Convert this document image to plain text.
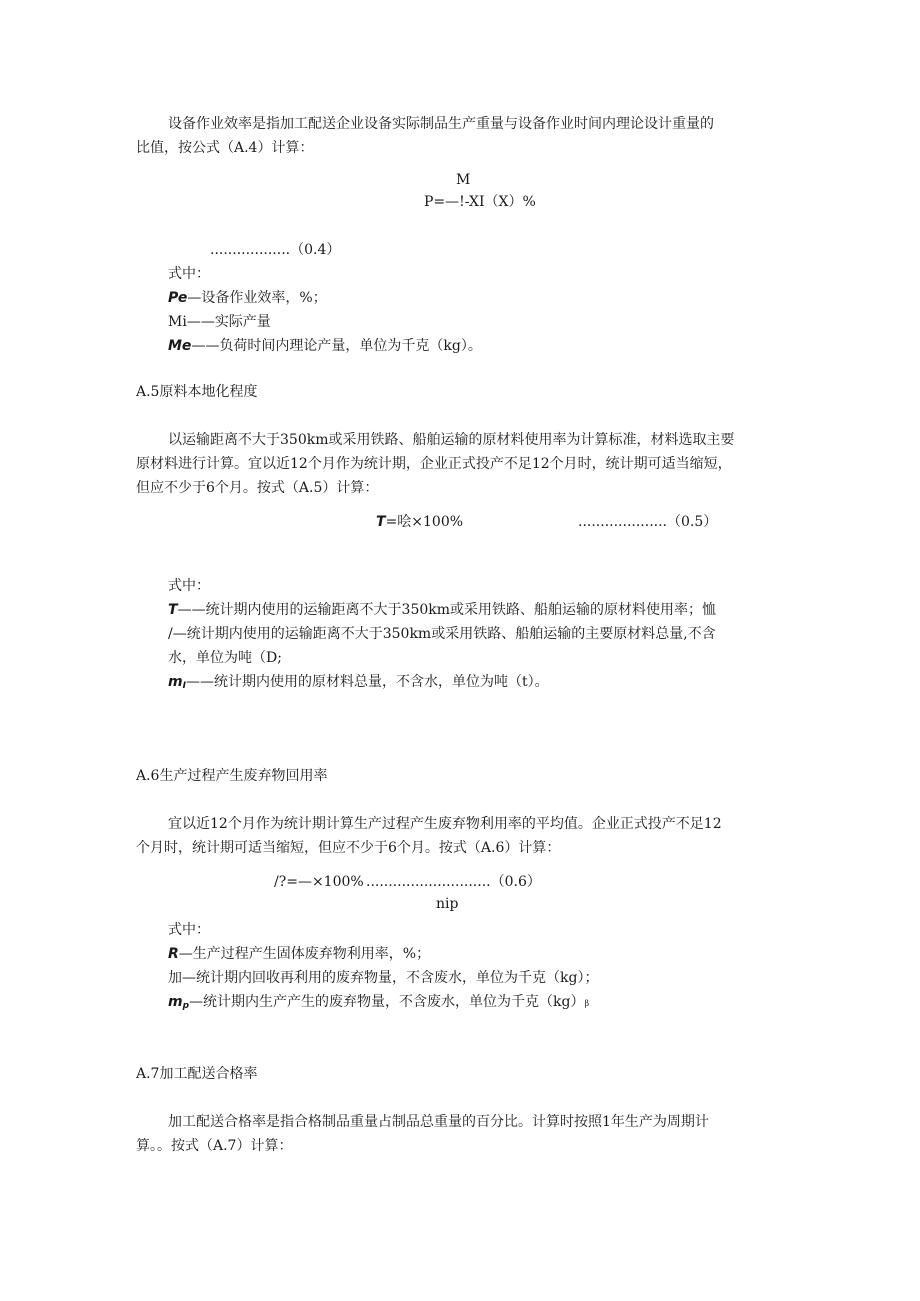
设备作业效率是指加工配送企业设备实际制品生产重量与设备作业时间内理论设计重量的
比值，按公式（A.4）计算：
M
P=—!-XI（X）%
..................（0.4）
式中：
Pe—设备作业效率，%；
Mi——实际产量
Me——负荷时间内理论产量，单位为千克（kg）。
A.5原料本地化程度
以运输距离不大于350km或采用铁路、船舶运输的原材料使用率为计算标准，材料选取主要
原材料进行计算。宜以近12个月作为统计期，企业正式投产不足12个月时，统计期可适当缩短，
但应不少于6个月。按式（A.5）计算：
T=哙×100%	....................（0.5）
式中：
T——统计期内使用的运输距离不大于350km或采用铁路、船舶运输的原材料使用率；恤
/—统计期内使用的运输距离不大于350km或采用铁路、船舶运输的主要原材料总量,不含
水，单位为吨（D;
$m_I——$统计期内使用的原材料总量，不含水，单位为吨（t）。
A.6生产过程产生废弃物回用率
宜以近12个月作为统计期计算生产过程产生废弃物利用率的平均值。企业正式投产不足12
个月时，统计期可适当缩短，但应不少于6个月。按式（A.6）计算：
/?=—×100% ............................（0.6）
nip
式中：
R—生产过程产生固体废弃物利用率，%；
加—统计期内回收再利用的废弃物量，不含废水，单位为千克（kg）；
$m_p—$统计期内生产产生的废弃物量，不含废水，单位为千克（kg）β
A.7加工配送合格率
加工配送合格率是指合格制品重量占制品总重量的百分比。计算时按照1年生产为周期计
算。。按式（A.7）计算：
